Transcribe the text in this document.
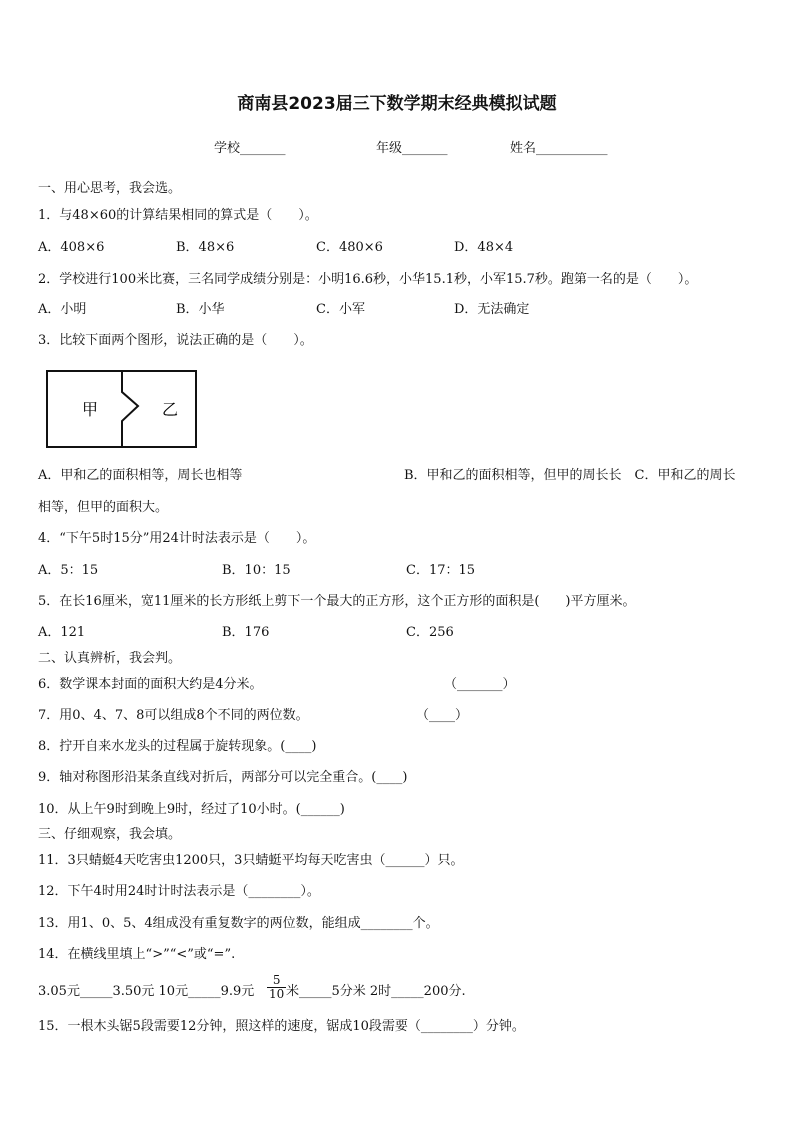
商南县2023届三下数学期末经典模拟试题
学校_______	年级_______	姓名___________
一、用心思考，我会选。
1．与48×60的计算结果相同的算式是（　　）。
A．408×6	B．48×6	C．480×6	D．48×4
2．学校进行100米比赛，三名同学成绩分别是：小明16.6秒，小华15.1秒，小军15.7秒。跑第一名的是（　　）。
A．小明	B．小华	C．小军	D．无法确定
3．比较下面两个图形，说法正确的是（　　）。
甲	乙
A．甲和乙的面积相等，周长也相等	B．甲和乙的面积相等，但甲的周长长　C．甲和乙的周长
相等，但甲的面积大。
4．“下午5时15分”用24计时法表示是（　　）。
A．5：15	B．10：15	C．17：15
5．在长16厘米，宽11厘米的长方形纸上剪下一个最大的正方形，这个正方形的面积是(　　)平方厘米。
A．121	B．176	C．256
二、认真辨析，我会判。
6．数学课本封面的面积大约是4分米。	（_______）
7．用0、4、7、8可以组成8个不同的两位数。	（____）
8．拧开自来水龙头的过程属于旋转现象。(____)
9．轴对称图形沿某条直线对折后，两部分可以完全重合。(____)
10．从上午9时到晚上9时，经过了10小时。(______)
三、仔细观察，我会填。
11．3只蜻蜓4天吃害虫1200只，3只蜻蜓平均每天吃害虫（______）只。
12．下午4时用24时计时法表示是（________）。
13．用1、0、5、4组成没有重复数字的两位数，能组成________个。
14．在横线里填上“>”“<”或“=”.
3.05元_____3.50元 10元_____9.9元 $\frac{5}{10}$ 米_____5分米 2时_____200分.
15．一根木头锯5段需要12分钟，照这样的速度，锯成10段需要（________）分钟。
